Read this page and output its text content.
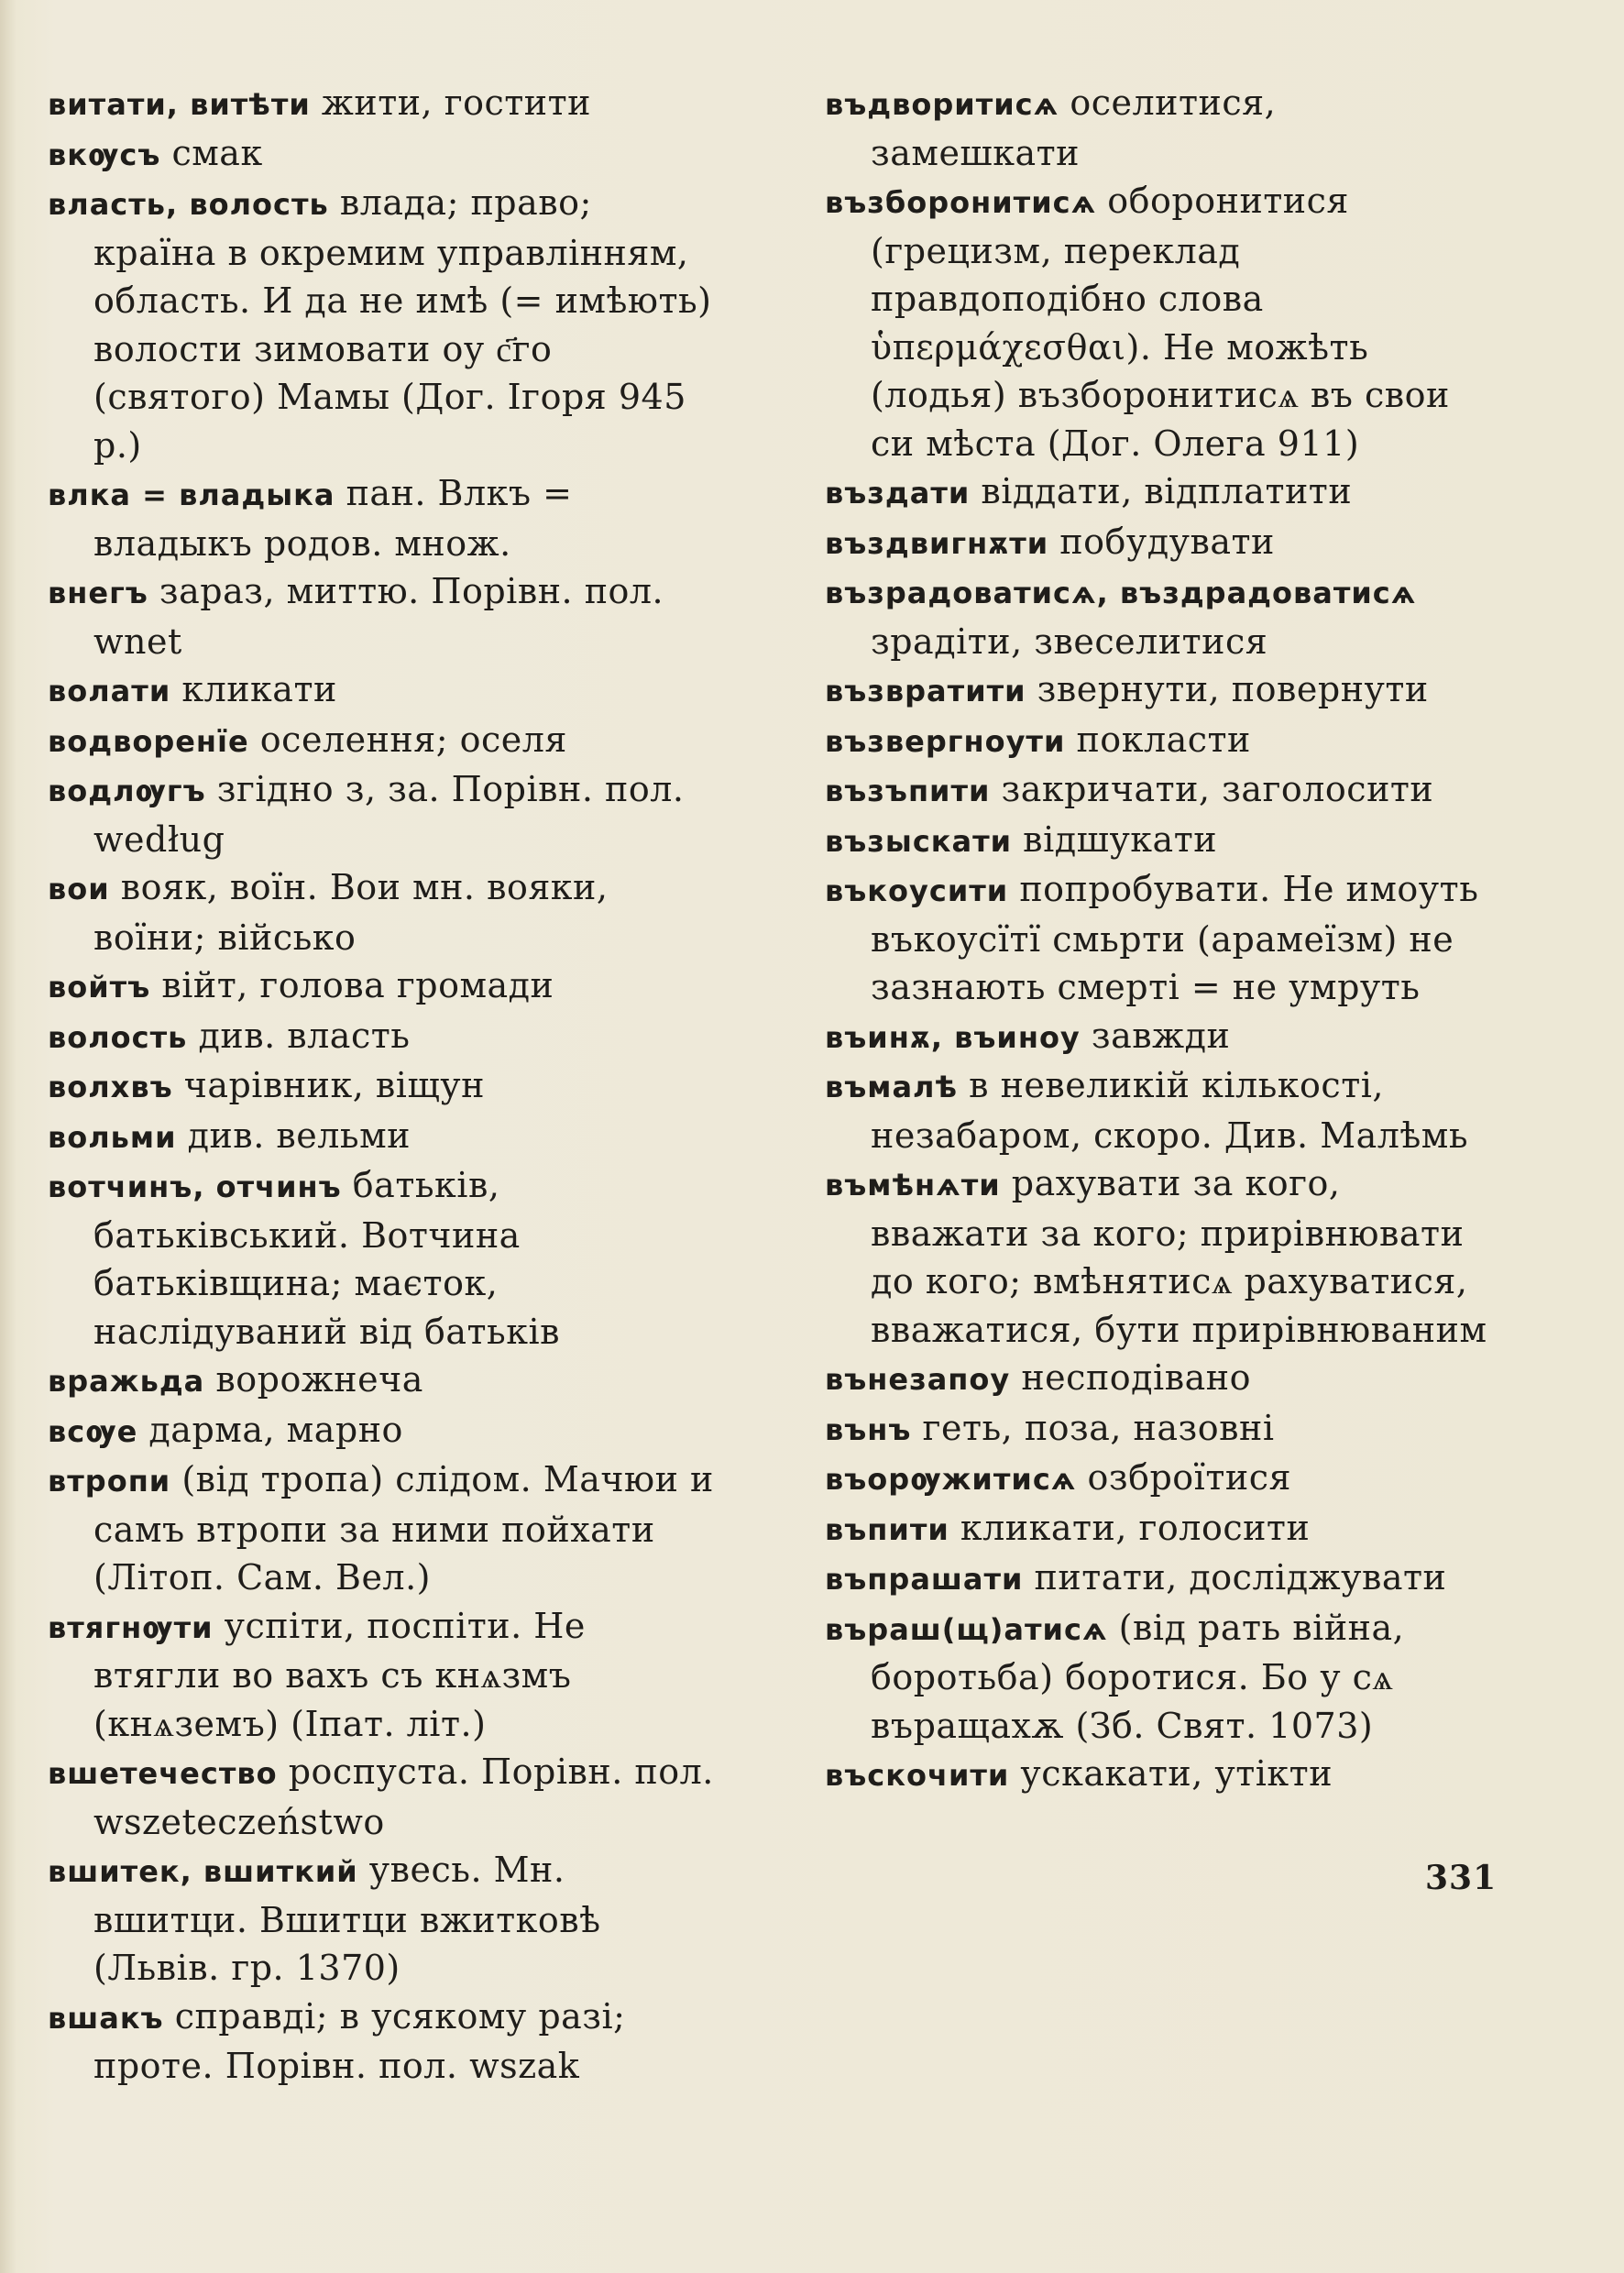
витати, витѣти жити, гостити

вкѹсъ смак

власть, волость влада; право; країна в окремим управлінням, область. И да не имѣ (= имѣють) волости зимовати оу с҃го (святого) Мамы (Дог. Ігоря 945 р.)

влка = владыка пан. Влкъ = владыкъ родов. множ.

внегъ зараз, миттю. Порівн. пол. wnet

волати кликати

водворенїе оселення; оселя

водлѹгъ згідно з, за. Порівн. пол. według

вои вояк, воїн. Вои мн. вояки, воїни; військо

войтъ війт, голова громади

волость див. власть

волхвъ чарівник, віщун

вольми див. вельми

вотчинъ, отчинъ батьків, батьківський. Вотчина батьківщина; маєток, наслідуваний від батьків

вражьда ворожнеча

всѹе дарма, марно

втропи (від тропа) слідом. Мачюи и самъ втропи за ними пойхати (Літоп. Сам. Вел.)

втягнѹти успіти, поспіти. Не втягли во вахъ съ кнѧзмъ (кнѧземъ) (Іпат. літ.)

вшетечество роспуста. Порівн. пол. wszeteczeństwo

вшитек, вшиткий увесь. Мн. вшитци. Вшитци вжитковѣ (Львів. гр. 1370)

вшакъ справді; в усякому разі; проте. Порівн. пол. wszak

въдворитисѧ оселитися, замешкати

възборонитисѧ оборонитися (грецизм, переклад правдоподібно слова ὑπερμάχεσθαι). Не можѣть (лодья) възборонитисѧ въ свои си мѣста (Дог. Олега 911)

въздати віддати, відплатити

въздвигнѫти побудувати

възрадоватисѧ, въздрадоватисѧ зрадіти, звеселитися

възвратити звернути, повернути

възвергноути покласти

възъпити закричати, заголосити

възыскати відшукати

въкоусити попробувати. Не имоуть въкоусїтї смьрти (арамеїзм) не зазнають смерті = не умруть

въинѫ, въиноу завжди

въмалѣ в невеликій кількості, незабаром, скоро. Див. Малѣмь

въмѣнѧти рахувати за кого, вважати за кого; прирівнювати до кого; вмѣнятисѧ рахуватися, вважатися, бути прирівнюваним

вънезапоу несподівано

вънъ геть, поза, назовні

въорѹжитисѧ озброїтися

въпити кликати, голосити

въпрашати питати, досліджувати

въраш(щ)атисѧ (від рать війна, боротьба) боротися. Бо у сѧ въращахѫ (Зб. Свят. 1073)

въскочити ускакати, утікти

331
